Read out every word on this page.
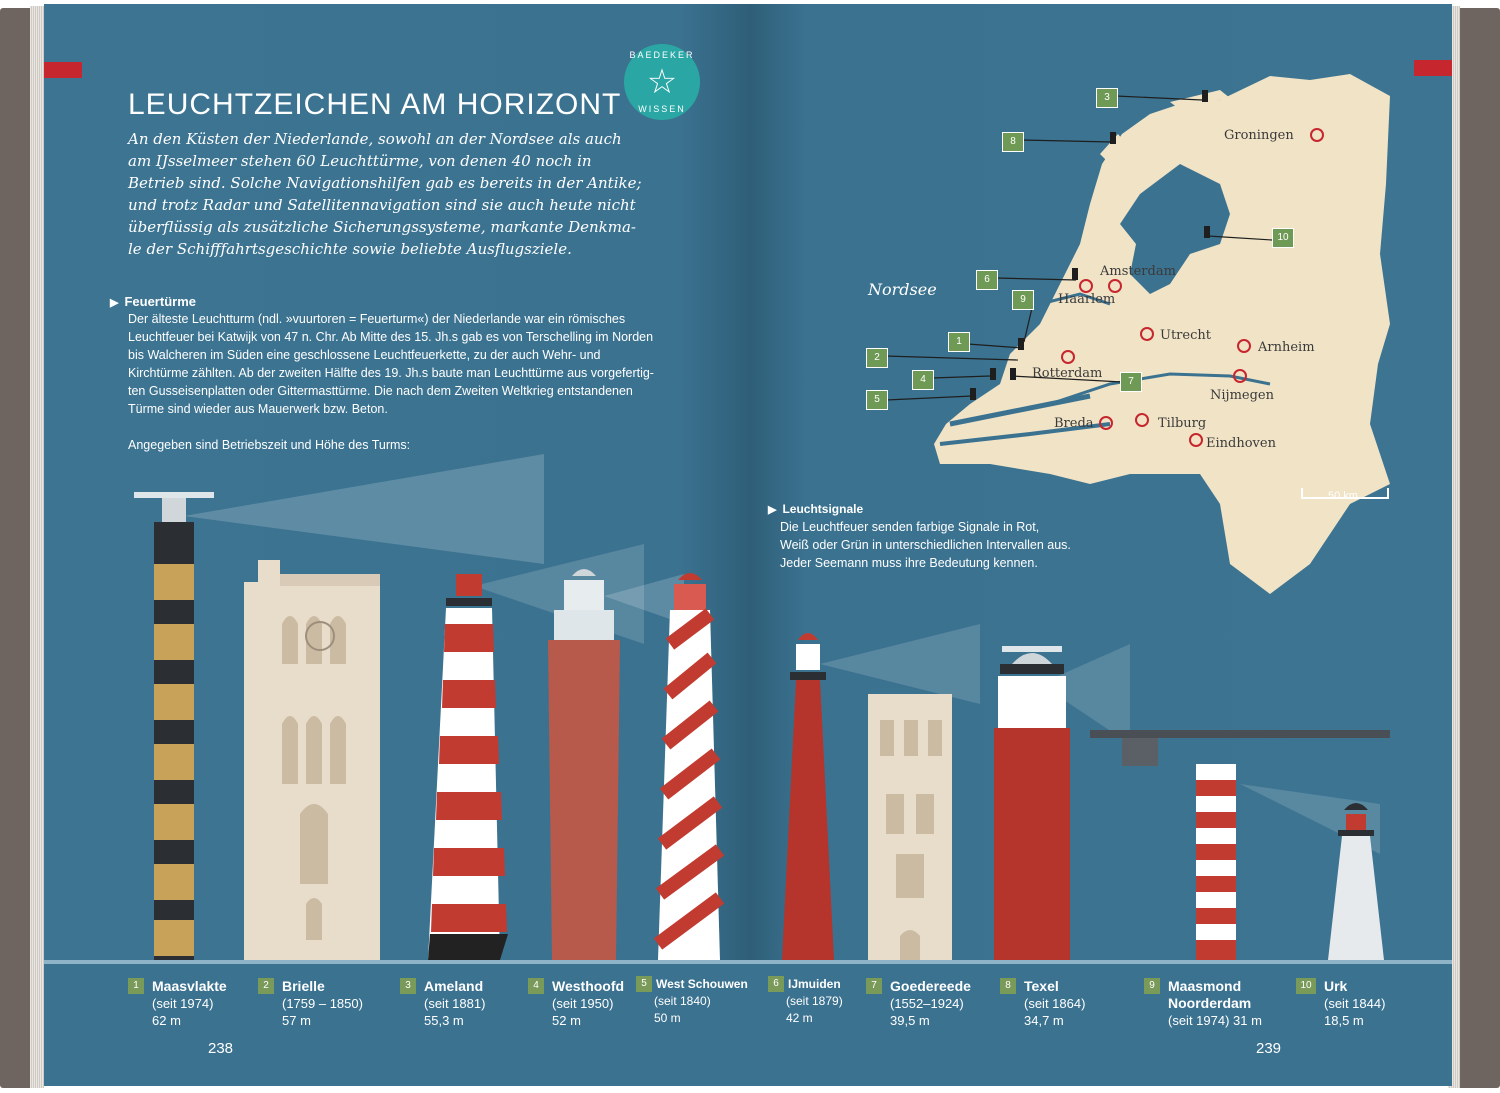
BAEDEKER
☆
WISSEN
LEUCHTZEICHEN AM HORIZONT
An den Küsten der Niederlande, sowohl an der Nordsee als auch
am IJsselmeer stehen 60 Leuchttürme, von denen 40 noch in
Betrieb sind. Solche Navigationshilfen gab es bereits in der Antike;
und trotz Radar und Satellitennavigation sind sie auch heute nicht
überflüssig als zusätzliche Sicherungssysteme, markante Denkma-
le der Schifffahrtsgeschichte sowie beliebte Ausflugsziele.
▶ Feuertürme
Der älteste Leuchtturm (ndl. »vuurtoren = Feuerturm«) der Niederlande war ein römisches
Leuchtfeuer bei Katwijk von 47 n. Chr. Ab Mitte des 15. Jh.s gab es von Terschelling im Norden
bis Walcheren im Süden eine geschlossene Leuchtfeuerkette, zu der auch Wehr- und
Kirchtürme zählten. Ab der zweiten Hälfte des 19. Jh.s baute man Leuchttürme aus vorgefertig-
ten Gusseisenplatten oder Gittermasttürme. Die nach dem Zweiten Weltkrieg entstandenen
Türme sind wieder aus Mauerwerk bzw. Beton.
Angegeben sind Betriebszeit und Höhe des Turms:
1 Maasvlakte
(seit 1974)
62 m
2 Brielle
(1759 – 1850)
57 m
3 Ameland
(seit 1881)
55,3 m
4 Westhoofd
(seit 1950)
52 m
5 West Schouwen
(seit 1840)
50 m
238
Nordsee
Groningen
Amsterdam
Haarlem
Utrecht
Arnheim
Rotterdam
Nijmegen
Breda	Tilburg
Eindhoven
3
8
10
6
9
1
2
4	7
5
50 km
▶ Leuchtsignale
Die Leuchtfeuer senden farbige Signale in Rot,
Weiß oder Grün in unterschiedlichen Intervallen aus.
Jeder Seemann muss ihre Bedeutung kennen.
6 IJmuiden
(seit 1879)
42 m
7 Goedereede
(1552–1924)
39,5 m
8 Texel
(seit 1864)
34,7 m
9 Maasmond
Noorderdam
(seit 1974) 31 m
10 Urk
(seit 1844)
18,5 m
239
